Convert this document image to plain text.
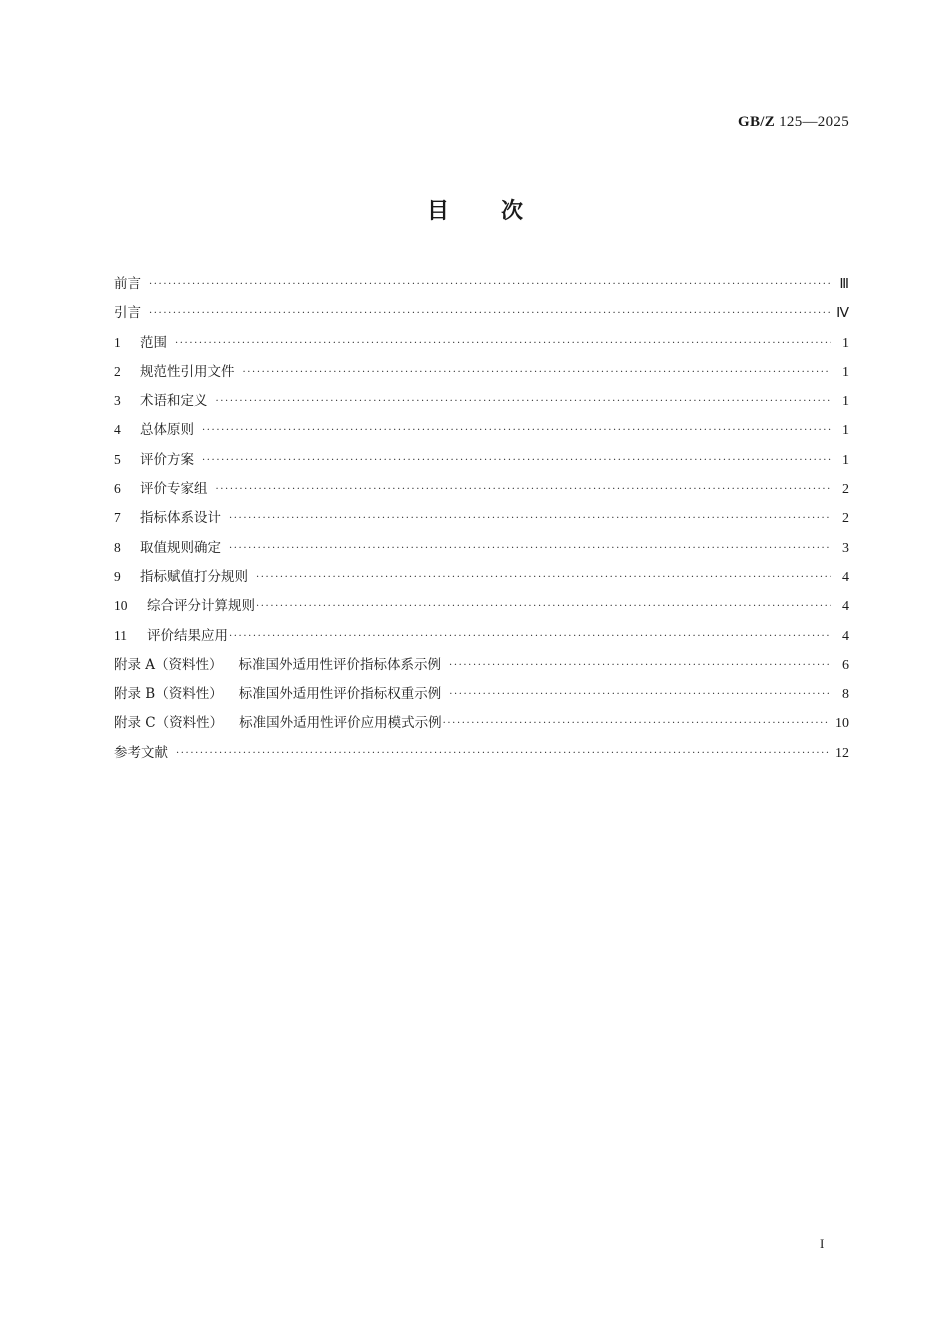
GB/Z 125—2025
目次
前言 ·····	Ⅲ
引言 ·····	Ⅳ
1 范围 ·····	1
2 规范性引用文件 ·····	1
3 术语和定义 ·····	1
4 总体原则 ·····	1
5 评价方案 ·····	1
6 评价专家组 ·····	2
7 指标体系设计 ·····	2
8 取值规则确定 ·····	3
9 指标赋值打分规则 ·····	4
10 综合评分计算规则 ·····	4
11 评价结果应用 ·····	4
附录 A（资料性） 标准国外适用性评价指标体系示例 ·····	6
附录 B（资料性） 标准国外适用性评价指标权重示例 ·····	8
附录 C（资料性） 标准国外适用性评价应用模式示例 ·····	10
参考文献 ·····	12
I
